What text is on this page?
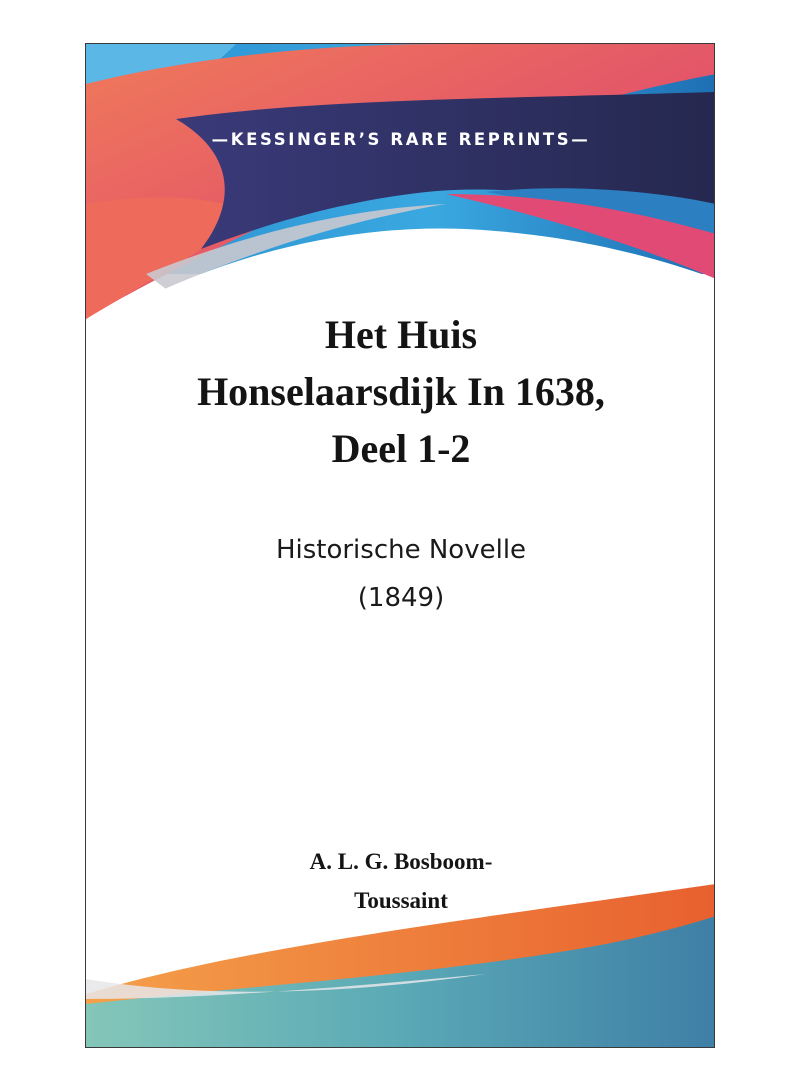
—KESSINGER’S RARE REPRINTS—
Het Huis
Honselaarsdijk In 1638,
Deel 1-2
Historische Novelle
(1849)
A. L. G. Bosboom-
Toussaint
